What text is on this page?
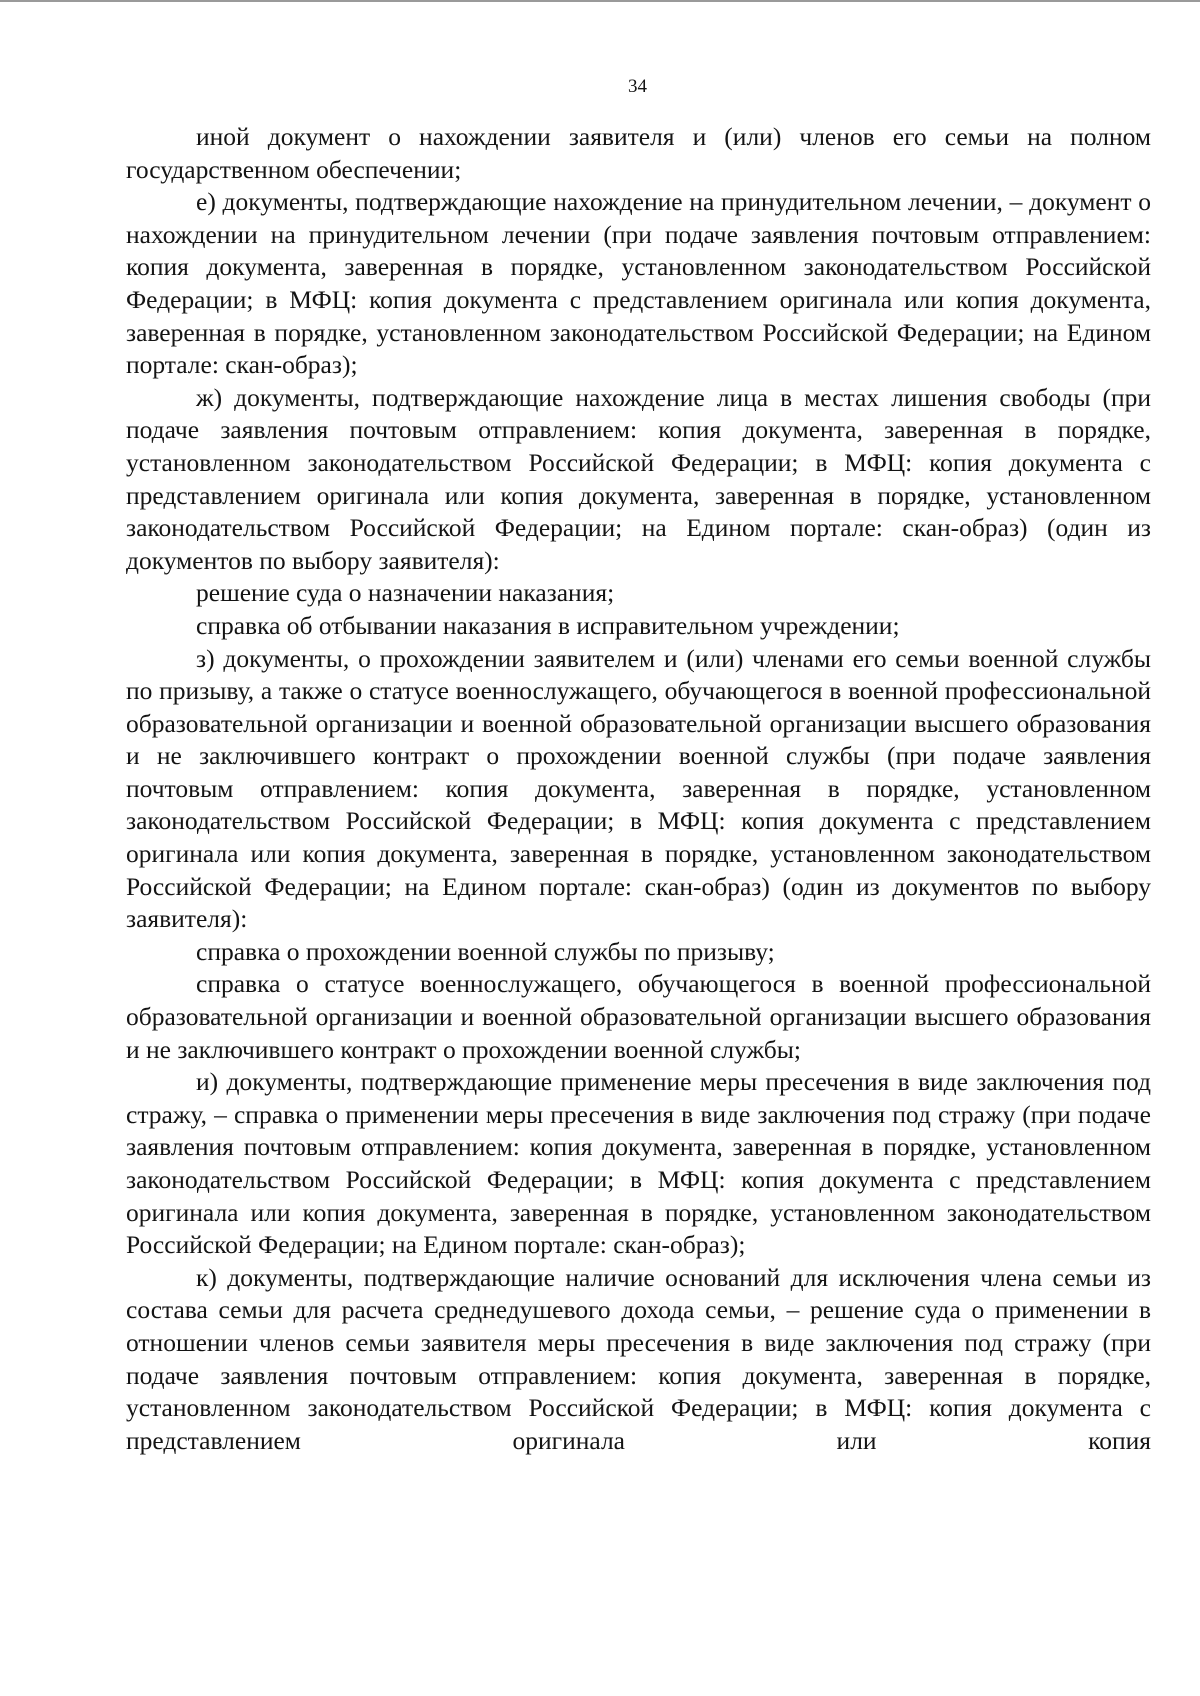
34

иной документ о нахождении заявителя и (или) членов его семьи на полном государственном обеспечении;

е) документы, подтверждающие нахождение на принудительном лечении, – документ о нахождении на принудительном лечении (при подаче заявления почтовым отправлением: копия документа, заверенная в порядке, установленном законодательством Российской Федерации; в МФЦ: копия документа с представлением оригинала или копия документа, заверенная в порядке, установленном законодательством Российской Федерации; на Едином портале: скан-образ);

ж) документы, подтверждающие нахождение лица в местах лишения свободы (при подаче заявления почтовым отправлением: копия документа, заверенная в порядке, установленном законодательством Российской Федерации; в МФЦ: копия документа с представлением оригинала или копия документа, заверенная в порядке, установленном законодательством Российской Федерации; на Едином портале: скан-образ) (один из документов по выбору заявителя):

решение суда о назначении наказания;

справка об отбывании наказания в исправительном учреждении;

з) документы, о прохождении заявителем и (или) членами его семьи военной службы по призыву, а также о статусе военнослужащего, обучающегося в военной профессиональной образовательной организации и военной образовательной организации высшего образования и не заключившего контракт о прохождении военной службы (при подаче заявления почтовым отправлением: копия документа, заверенная в порядке, установленном законодательством Российской Федерации; в МФЦ: копия документа с представлением оригинала или копия документа, заверенная в порядке, установленном законодательством Российской Федерации; на Едином портале: скан-образ) (один из документов по выбору заявителя):

справка о прохождении военной службы по призыву;

справка о статусе военнослужащего, обучающегося в военной профессиональной образовательной организации и военной образовательной организации высшего образования и не заключившего контракт о прохождении военной службы;

и) документы, подтверждающие применение меры пресечения в виде заключения под стражу, – справка о применении меры пресечения в виде заключения под стражу (при подаче заявления почтовым отправлением: копия документа, заверенная в порядке, установленном законодательством Российской Федерации; в МФЦ: копия документа с представлением оригинала или копия документа, заверенная в порядке, установленном законодательством Российской Федерации; на Едином портале: скан-образ);

к) документы, подтверждающие наличие оснований для исключения члена семьи из состава семьи для расчета среднедушевого дохода семьи, – решение суда о применении в отношении членов семьи заявителя меры пресечения в виде заключения под стражу (при подаче заявления почтовым отправлением: копия документа, заверенная в порядке, установленном законодательством Российской Федерации; в МФЦ: копия документа с представлением оригинала или копия
